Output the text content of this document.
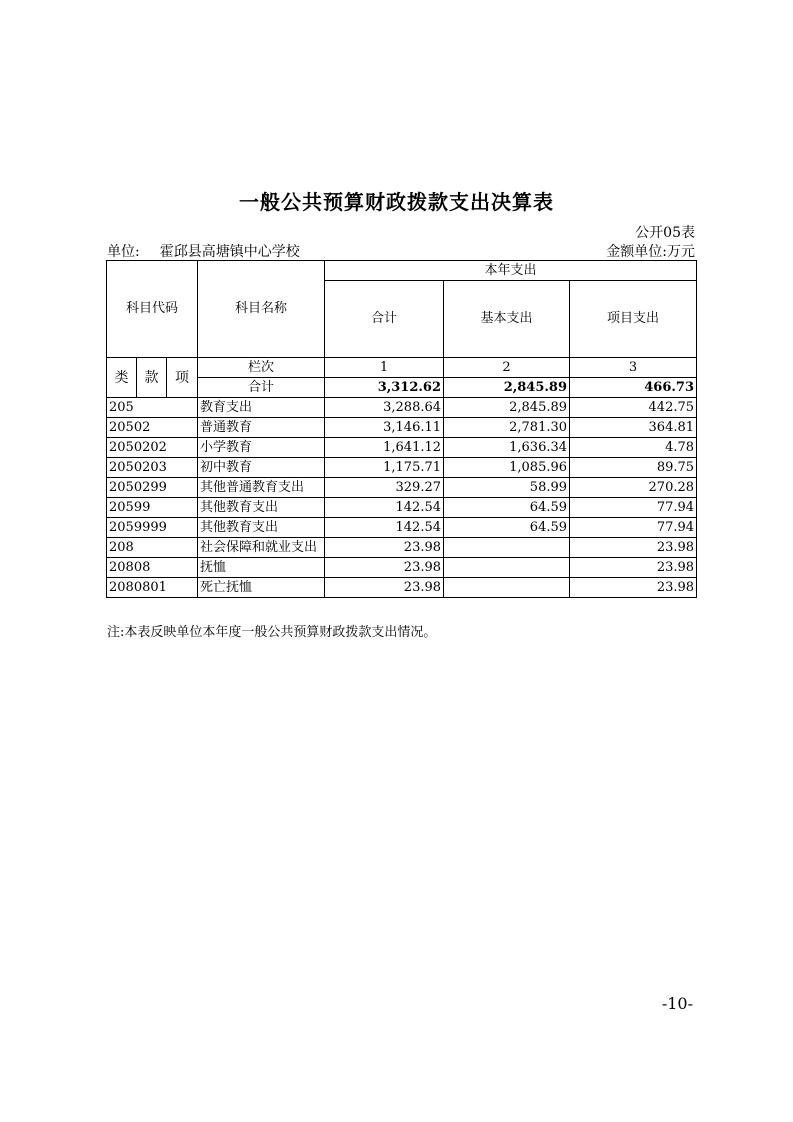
一般公共预算财政拨款支出决算表
公开05表
单位: 霍邱县高塘镇中心学校	金额单位:万元
科目代码			科目名称	本年支出		
				合计	基本支出	项目支出
类	款	项	栏次	1	2	3
			合计	3,312.62	2,845.89	466.73
205			教育支出	3,288.64	2,845.89	442.75
20502			普通教育	3,146.11	2,781.30	364.81
2050202			小学教育	1,641.12	1,636.34	4.78
2050203			初中教育	1,175.71	1,085.96	89.75
2050299			其他普通教育支出	329.27	58.99	270.28
20599			其他教育支出	142.54	64.59	77.94
2059999			其他教育支出	142.54	64.59	77.94
208			社会保障和就业支出	23.98		23.98
20808			抚恤	23.98		23.98
2080801			死亡抚恤	23.98		23.98
注:本表反映单位本年度一般公共预算财政拨款支出情况。
-10-
